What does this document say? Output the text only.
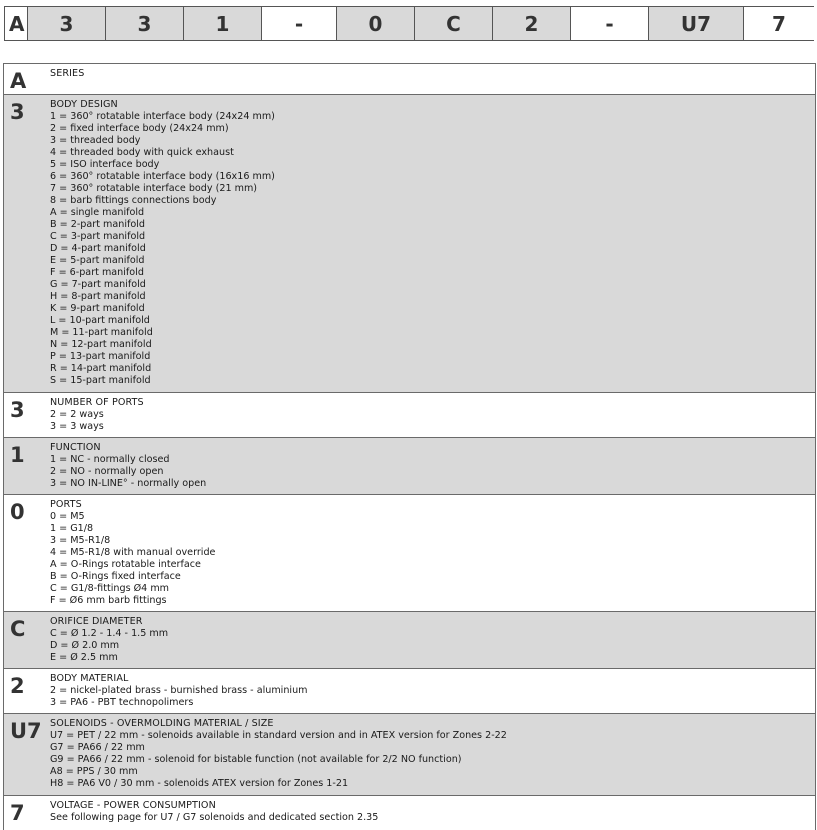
A	3	3	1	-	0	C	2	-	U7	7
A SERIES
3	BODY DESIGN
1 = 360° rotatable interface body (24x24 mm)
2 = fixed interface body (24x24 mm)
3 = threaded body
4 = threaded body with quick exhaust
5 = ISO interface body
6 = 360° rotatable interface body (16x16 mm)
7 = 360° rotatable interface body (21 mm)
8 = barb fittings connections body
A = single manifold
B = 2-part manifold
C = 3-part manifold
D = 4-part manifold
E = 5-part manifold
F = 6-part manifold
G = 7-part manifold
H = 8-part manifold
K = 9-part manifold
L = 10-part manifold
M = 11-part manifold
N = 12-part manifold
P = 13-part manifold
R = 14-part manifold
S = 15-part manifold
3	NUMBER OF PORTS
2 = 2 ways
3 = 3 ways
1	FUNCTION
1 = NC - normally closed
2 = NO - normally open
3 = NO IN-LINE° - normally open
0	PORTS
0 = M5
1 = G1/8
3 = M5-R1/8
4 = M5-R1/8 with manual override
A = O-Rings rotatable interface
B = O-Rings fixed interface
C = G1/8-fittings Ø4 mm
F = Ø6 mm barb fittings
C	ORIFICE DIAMETER
C = Ø 1.2 - 1.4 - 1.5 mm
D = Ø 2.0 mm
E = Ø 2.5 mm
2	BODY MATERIAL
2 = nickel-plated brass - burnished brass - aluminium
3 = PA6 - PBT technopolimers
U7 SOLENOIDS - OVERMOLDING MATERIAL / SIZE
U7 = PET / 22 mm - solenoids available in standard version and in ATEX version for Zones 2-22
G7 = PA66 / 22 mm
G9 = PA66 / 22 mm - solenoid for bistable function (not available for 2/2 NO function)
A8 = PPS / 30 mm
H8 = PA6 V0 / 30 mm - solenoids ATEX version for Zones 1-21
7	VOLTAGE - POWER CONSUMPTION
See following page for U7 / G7 solenoids and dedicated section 2.35
